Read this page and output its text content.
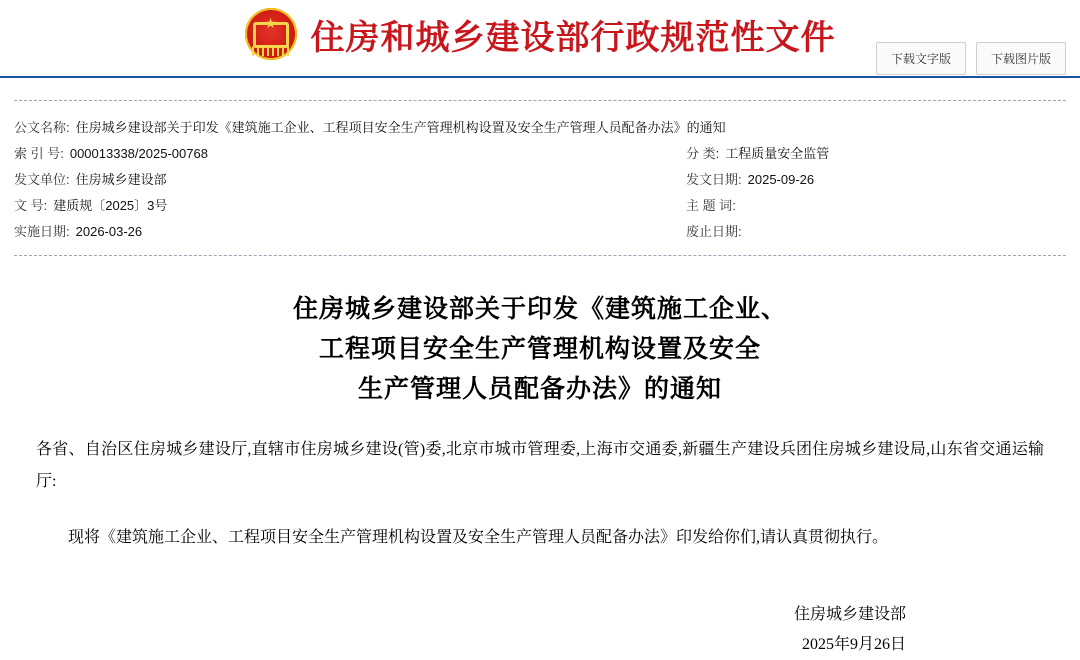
★ 住房和城乡建设部行政规范性文件
下载文字版	下载图片版
公文名称: 住房城乡建设部关于印发《建筑施工企业、工程项目安全生产管理机构设置及安全生产管理人员配备办法》的通知
索 引 号: 000013338/2025-00768	分 类: 工程质量安全监管
发文单位: 住房城乡建设部	发文日期: 2025-09-26
文 号: 建质规〔2025〕3号	主 题 词:
实施日期: 2026-03-26	废止日期:
住房城乡建设部关于印发《建筑施工企业、
工程项目安全生产管理机构设置及安全
生产管理人员配备办法》的通知

各省、自治区住房城乡建设厅,直辖市住房城乡建设(管)委,北京市城市管理委,上海市交通委,新疆生产建设兵团住房城乡建设局,山东省交通运输厅:

现将《建筑施工企业、工程项目安全生产管理机构设置及安全生产管理人员配备办法》印发给你们,请认真贯彻执行。

住房城乡建设部
2025年9月26日
